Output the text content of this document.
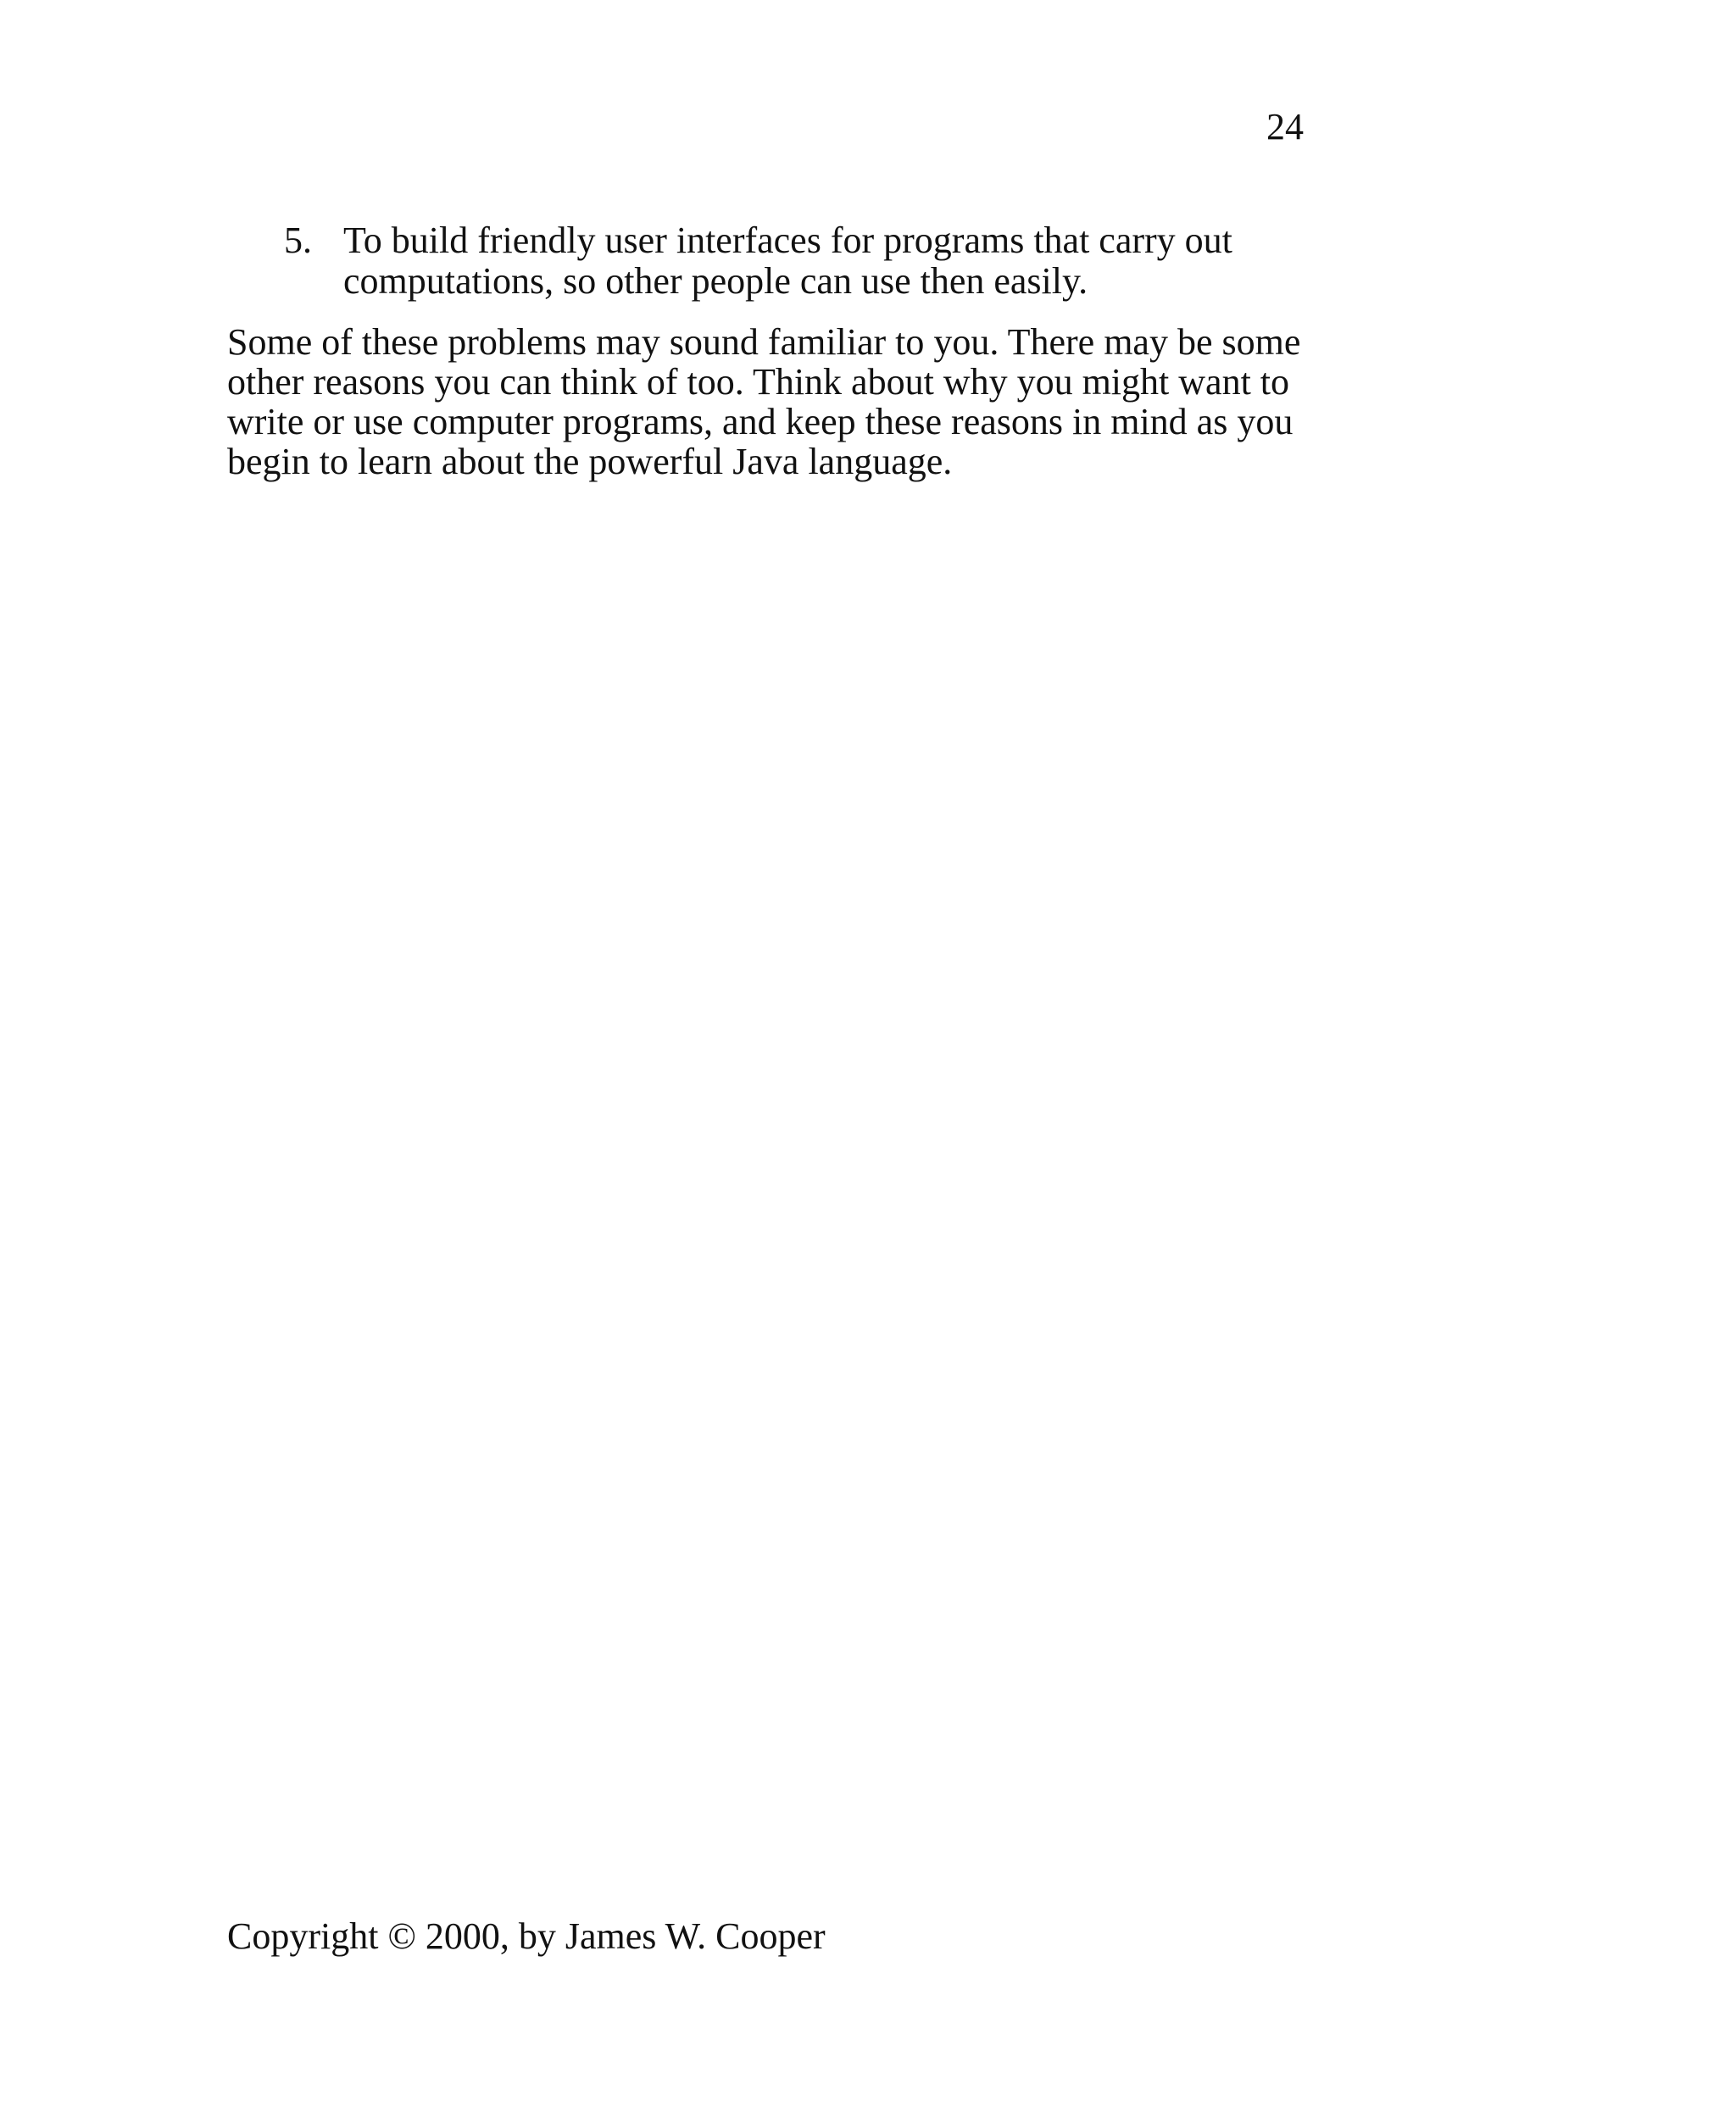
24
5. To build friendly user interfaces for programs that carry out
computations, so other people can use then easily.
Some of these problems may sound familiar to you. There may be some
other reasons you can think of too. Think about why you might want to
write or use computer programs, and keep these reasons in mind as you
begin to learn about the powerful Java language.
Copyright © 2000, by James W. Cooper
